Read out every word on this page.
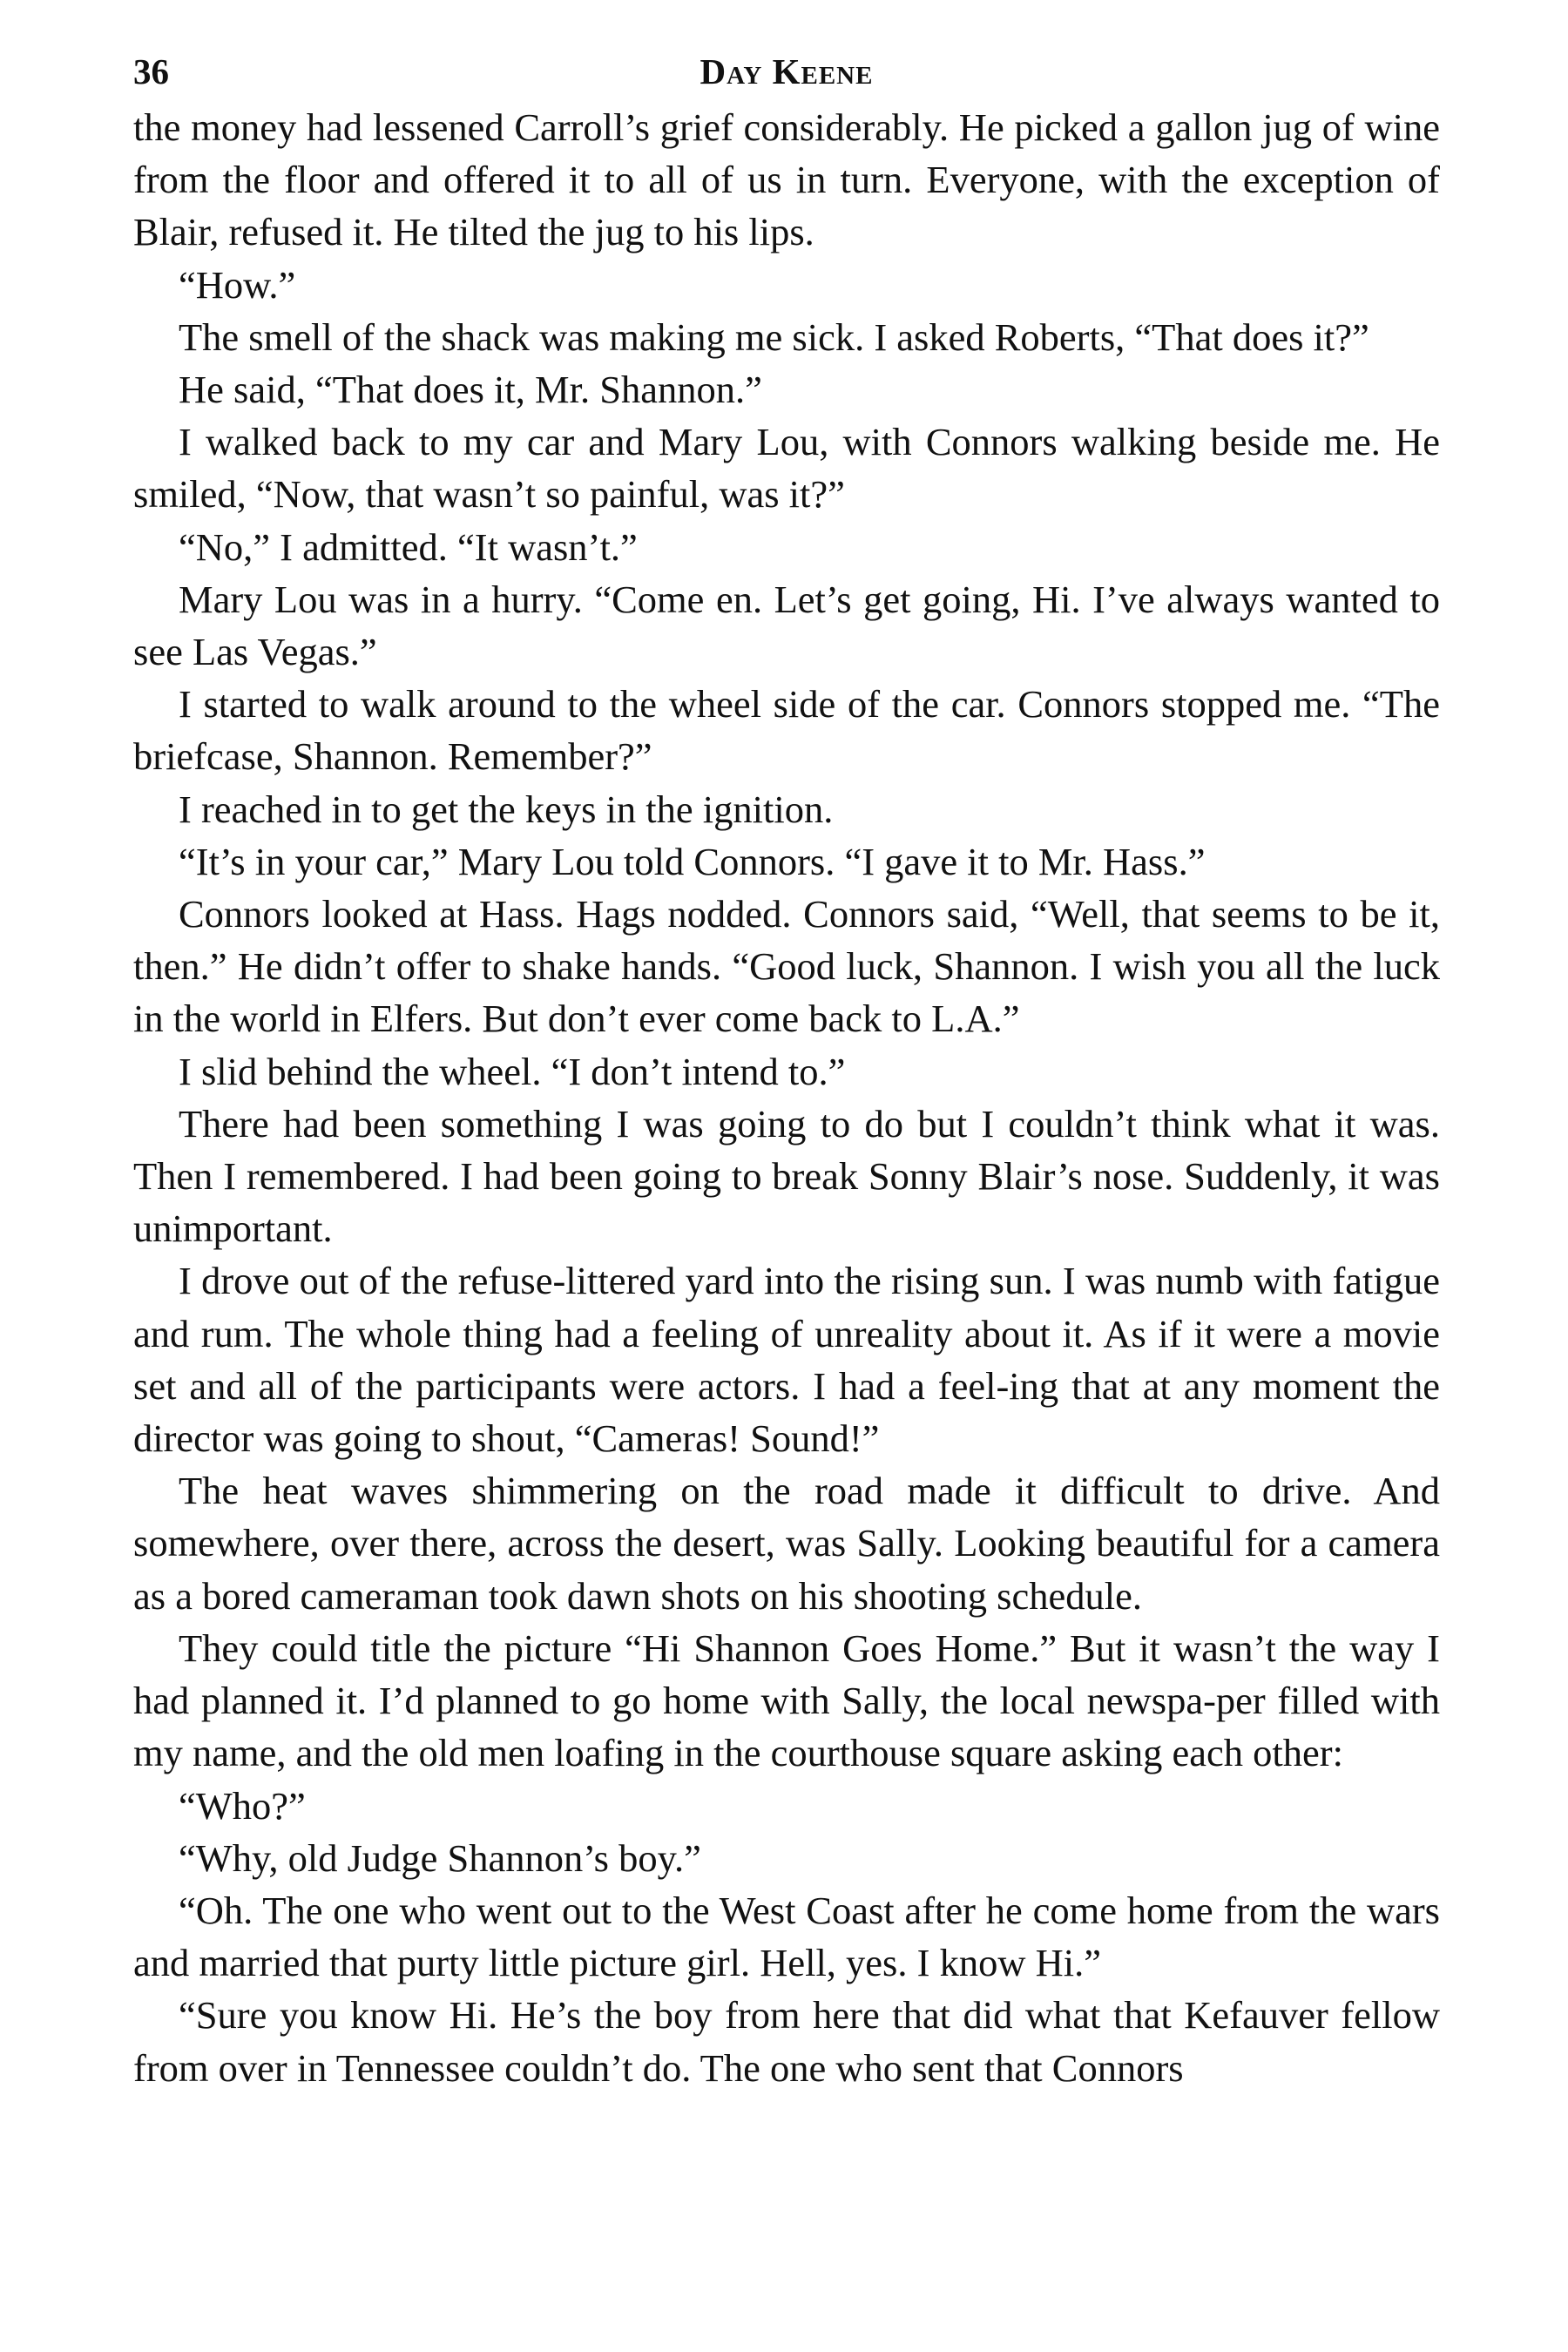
36	Day Keene

the money had lessened Carroll’s grief considerably. He picked a gallon jug of wine from the floor and offered it to all of us in turn. Everyone, with the exception of Blair, refused it. He tilted the jug to his lips.

“How.”

The smell of the shack was making me sick. I asked Roberts, “That does it?”

He said, “That does it, Mr. Shannon.”

I walked back to my car and Mary Lou, with Connors walking beside me. He smiled, “Now, that wasn’t so painful, was it?”

“No,” I admitted. “It wasn’t.”

Mary Lou was in a hurry. “Come en. Let’s get going, Hi. I’ve always wanted to see Las Vegas.”

I started to walk around to the wheel side of the car. Connors stopped me. “The briefcase, Shannon. Remember?”

I reached in to get the keys in the ignition.

“It’s in your car,” Mary Lou told Connors. “I gave it to Mr. Hass.”

Connors looked at Hass. Hags nodded. Connors said, “Well, that seems to be it, then.” He didn’t offer to shake hands. “Good luck, Shannon. I wish you all the luck in the world in Elfers. But don’t ever come back to L.A.”

I slid behind the wheel. “I don’t intend to.”

There had been something I was going to do but I couldn’t think what it was. Then I remembered. I had been going to break Sonny Blair’s nose. Suddenly, it was unimportant.

I drove out of the refuse-littered yard into the rising sun. I was numb with fatigue and rum. The whole thing had a feeling of unreality about it. As if it were a movie set and all of the participants were actors. I had a feel-ing that at any moment the director was going to shout, “Cameras! Sound!”

The heat waves shimmering on the road made it difficult to drive. And somewhere, over there, across the desert, was Sally. Looking beautiful for a camera as a bored cameraman took dawn shots on his shooting schedule.

They could title the picture “Hi Shannon Goes Home.” But it wasn’t the way I had planned it. I’d planned to go home with Sally, the local newspa-per filled with my name, and the old men loafing in the courthouse square asking each other:

“Who?”

“Why, old Judge Shannon’s boy.”

“Oh. The one who went out to the West Coast after he come home from the wars and married that purty little picture girl. Hell, yes. I know Hi.”

“Sure you know Hi. He’s the boy from here that did what that Kefauver fellow from over in Tennessee couldn’t do. The one who sent that Connors
